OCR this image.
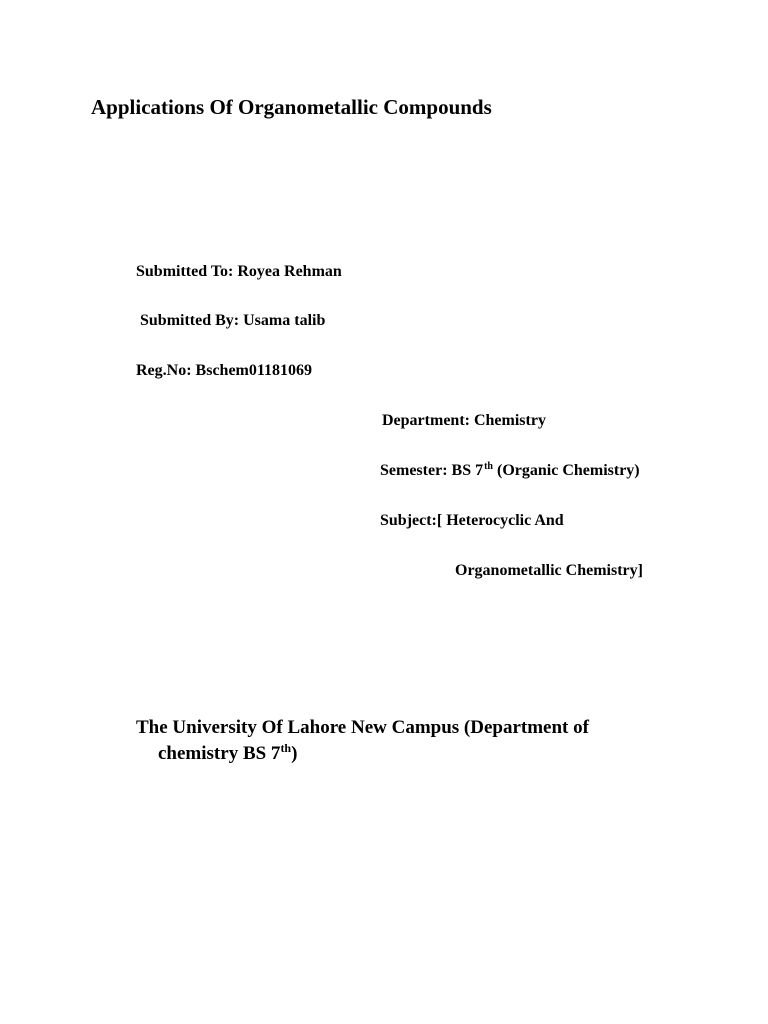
Applications Of Organometallic Compounds
Submitted To: Royea Rehman
Submitted By: Usama talib
Reg.No: Bschem01181069
Department: Chemistry
Semester: BS 7th (Organic Chemistry)
Subject:[ Heterocyclic And
Organometallic Chemistry]
The University Of Lahore New Campus (Department of
chemistry BS 7th)
